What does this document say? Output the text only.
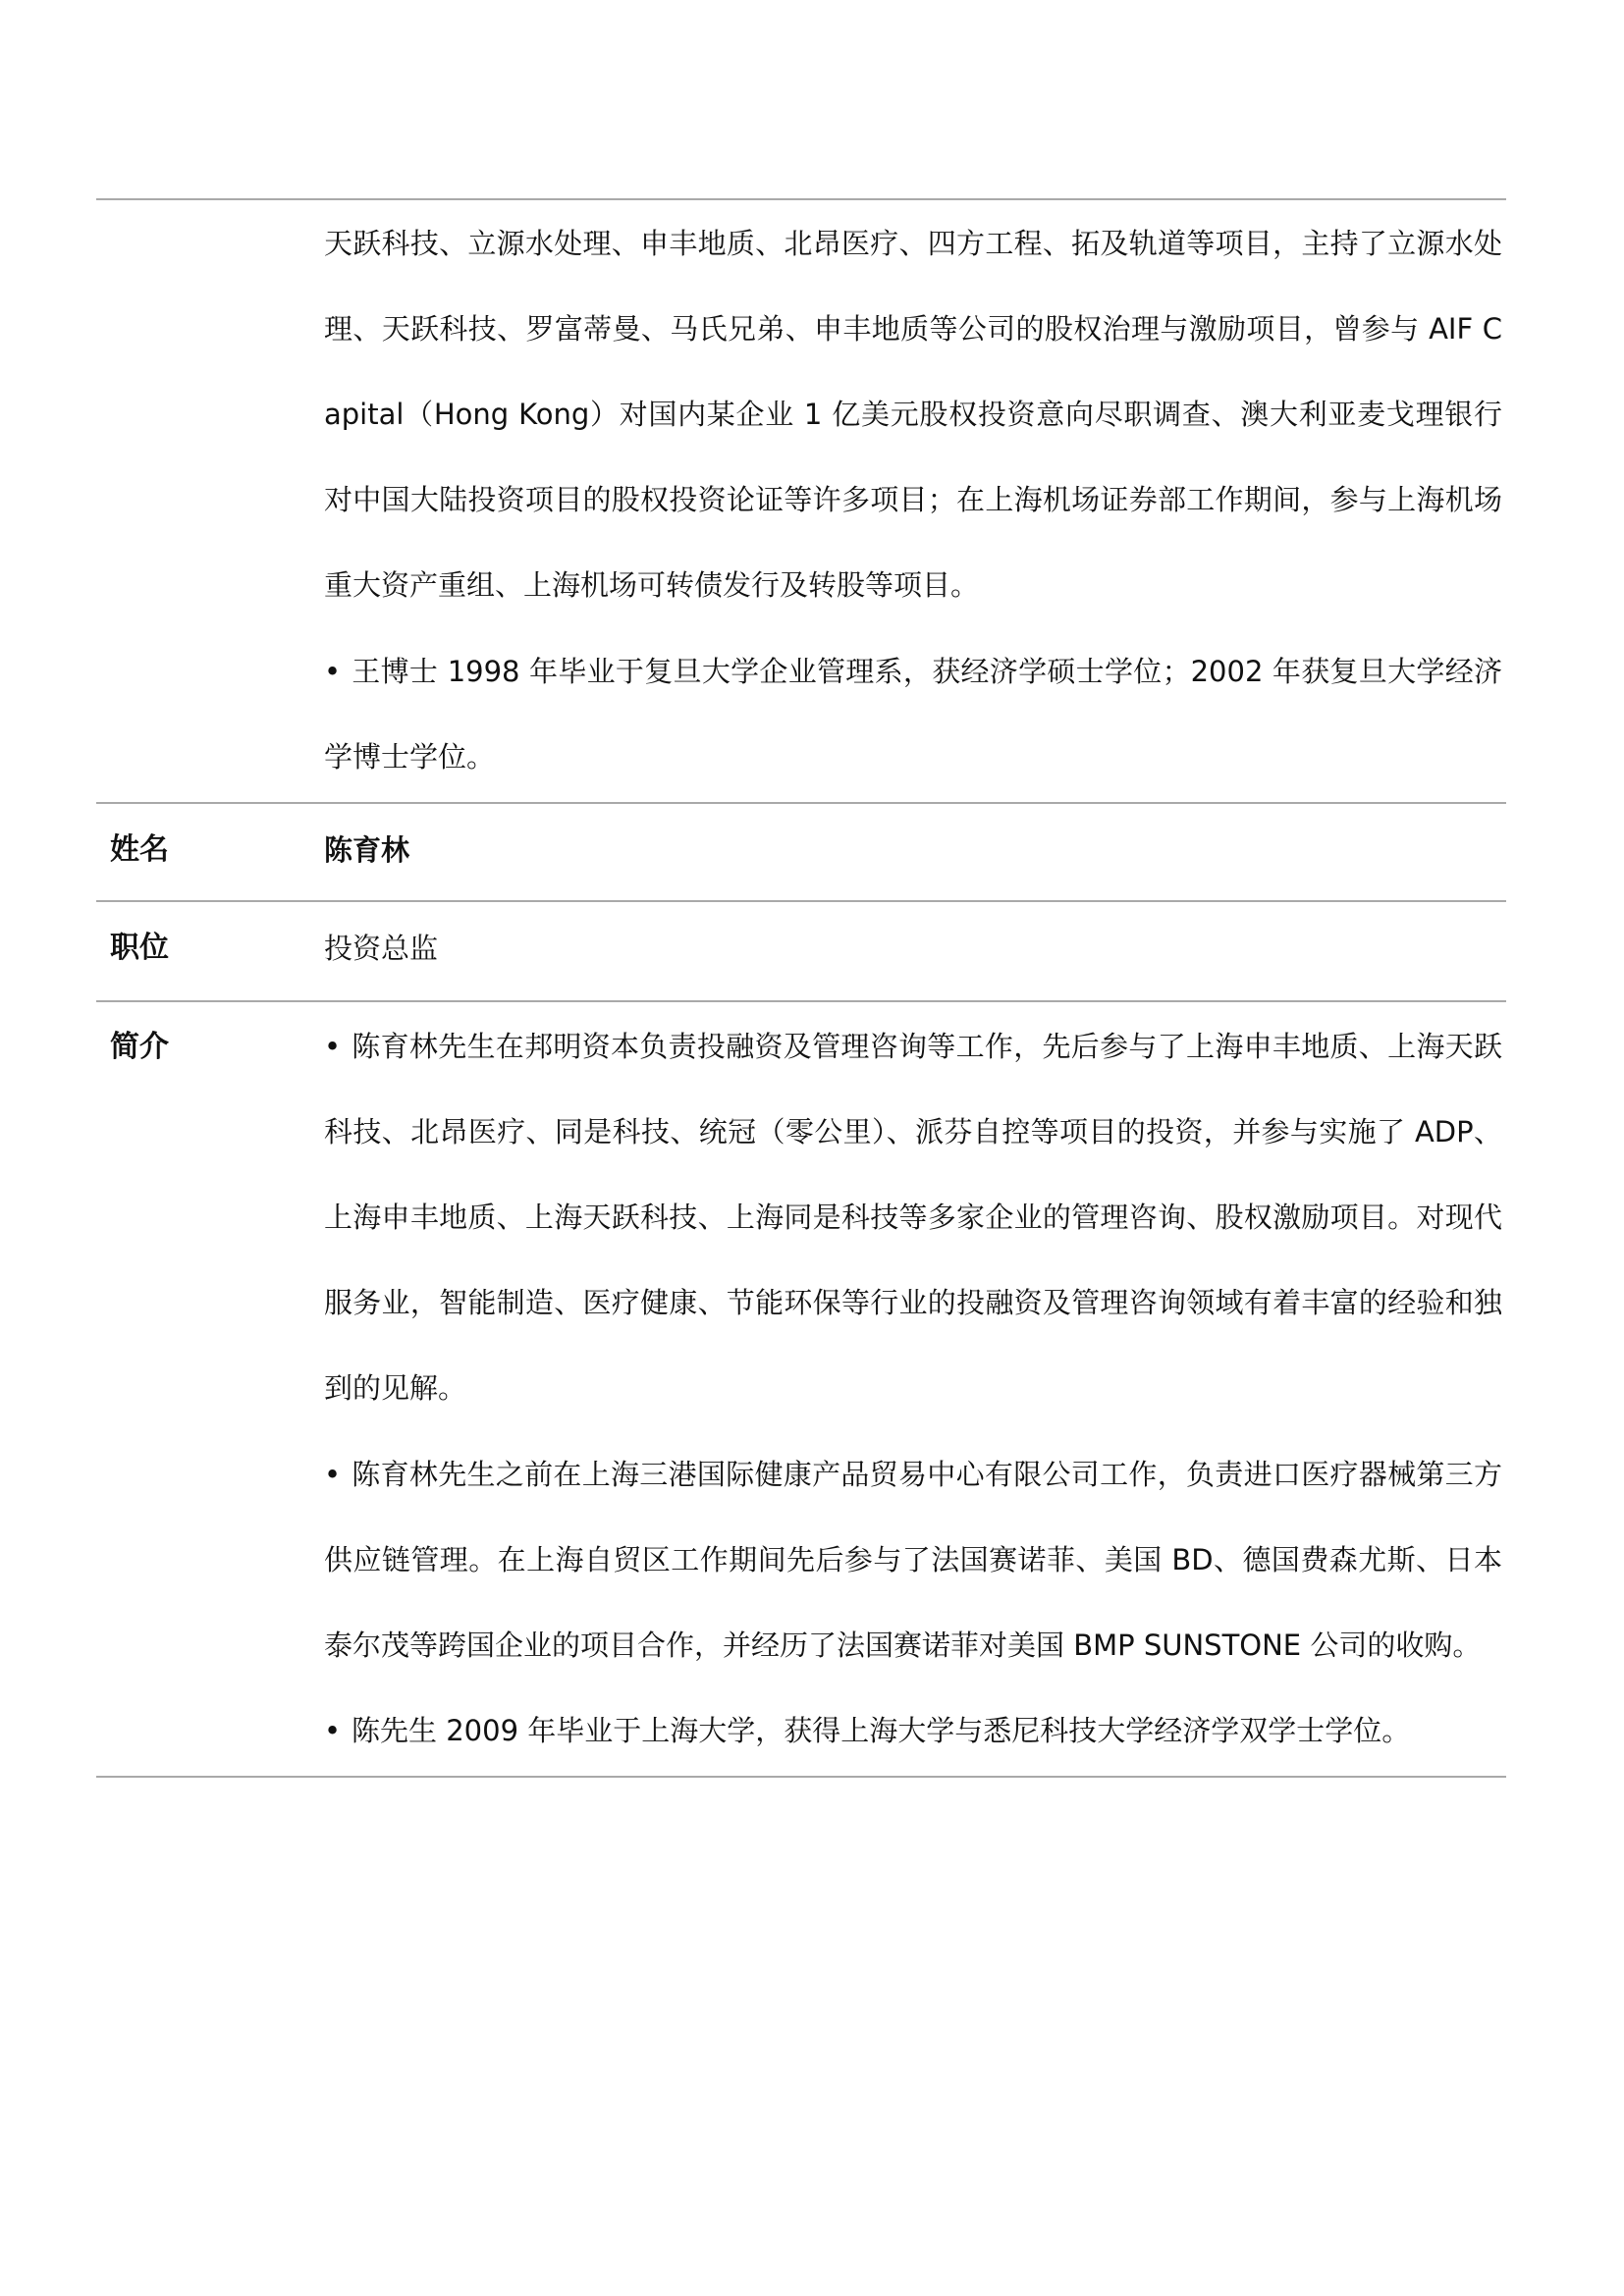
天跃科技、立源水处理、申丰地质、北昂医疗、四方工程、拓及轨道等项目，主持了立源水处理、天跃科技、罗富蒂曼、马氏兄弟、申丰地质等公司的股权治理与激励项目，曾参与 AIF Capital（Hong Kong）对国内某企业 1 亿美元股权投资意向尽职调查、澳大利亚麦戈理银行对中国大陆投资项目的股权投资论证等许多项目；在上海机场证券部工作期间，参与上海机场重大资产重组、上海机场可转债发行及转股等项目。

• 王博士 1998 年毕业于复旦大学企业管理系，获经济学硕士学位；2002 年获复旦大学经济学博士学位。

姓名	陈育林
职位	投资总监
简介	• 陈育林先生在邦明资本负责投融资及管理咨询等工作，先后参与了上海申丰地质、上海天跃科技、北昂医疗、同是科技、统冠（零公里）、派芬自控等项目的投资，并参与实施了 ADP、上海申丰地质、上海天跃科技、上海同是科技等多家企业的管理咨询、股权激励项目。对现代服务业，智能制造、医疗健康、节能环保等行业的投融资及管理咨询领域有着丰富的经验和独到的见解。

• 陈育林先生之前在上海三港国际健康产品贸易中心有限公司工作，负责进口医疗器械第三方供应链管理。在上海自贸区工作期间先后参与了法国赛诺菲、美国 BD、德国费森尤斯、日本泰尔茂等跨国企业的项目合作，并经历了法国赛诺菲对美国 BMP SUNSTONE 公司的收购。

• 陈先生 2009 年毕业于上海大学，获得上海大学与悉尼科技大学经济学双学士学位。
